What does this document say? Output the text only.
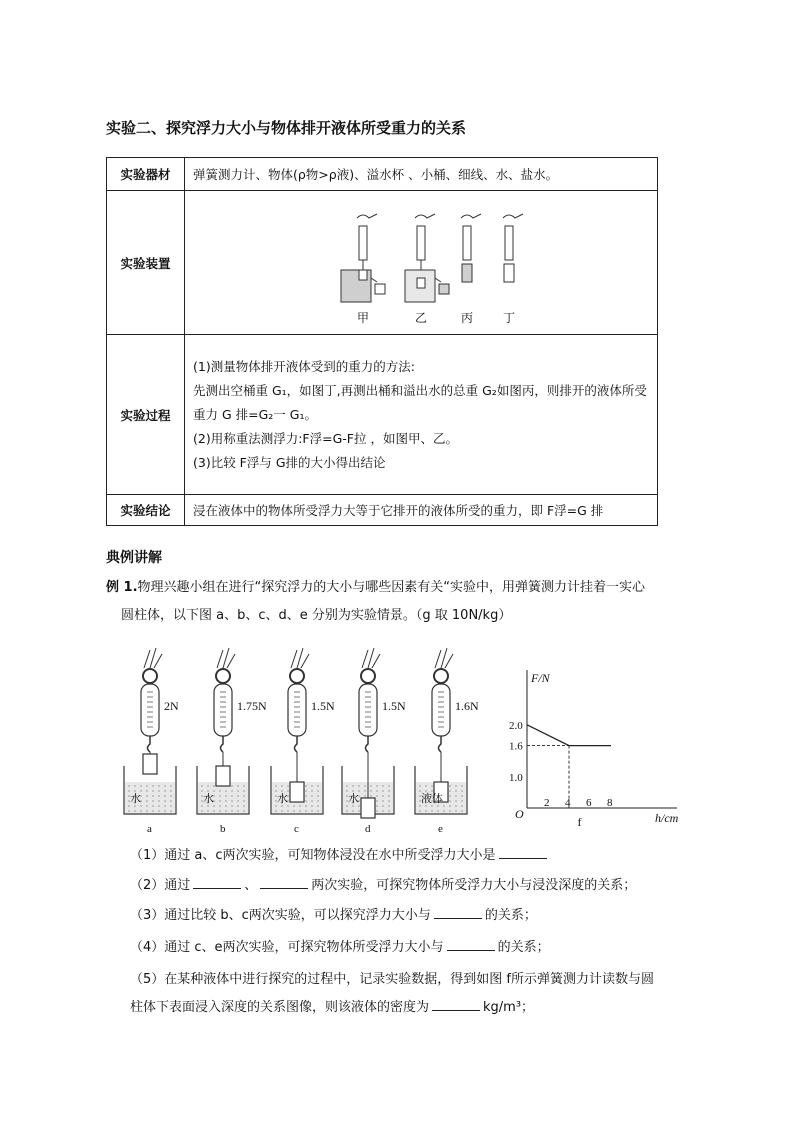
实验二、探究浮力大小与物体排开液体所受重力的关系
实验器材	弹簧测力计、物体(ρ物>ρ液)、溢水杯 、小桶、细线、水、盐水。
实验装置	甲 乙 丙 丁

实验过程	(1)测量物体排开液体受到的重力的方法:

先测出空桶重 G₁，如图丁,再测出桶和溢出水的总重 G₂如图丙，则排开的液体所受重力 G 排=G₂一 G₁。

(2)用称重法测浮力:F浮=G-F拉 ，如图甲、乙。

(3)比较 F浮与 G排的大小得出结论

实验结论	浸在液体中的物体所受浮力大等于它排开的液体所受的重力，即 F浮=G 排
典例讲解
例 1.物理兴趣小组在进行“探究浮力的大小与哪些因素有关“实验中，用弹簧测力计挂着一实心
圆柱体，以下图 a、b、c、d、e 分别为实验情景。（g 取 10N/kg）
2N
水
a
1.75N
水
b
1.5N
水
c
1.5N
水
d
1.6N
液体
e
F/N
h/cm
O
2 4 6 8
1.0
1.6
2.0
f
（1）通过 a、c两次实验，可知物体浸没在水中所受浮力大小是
（2）通过	、	两次实验，可探究物体所受浮力大小与浸没深度的关系；
（3）通过比较 b、c两次实验，可以探究浮力大小与	的关系；
（4）通过 c、e两次实验，可探究物体所受浮力大小与	的关系；
（5）在某种液体中进行探究的过程中，记录实验数据，得到如图 f所示弹簧测力计读数与圆
柱体下表面浸入深度的关系图像，则该液体的密度为	kg/m³；
